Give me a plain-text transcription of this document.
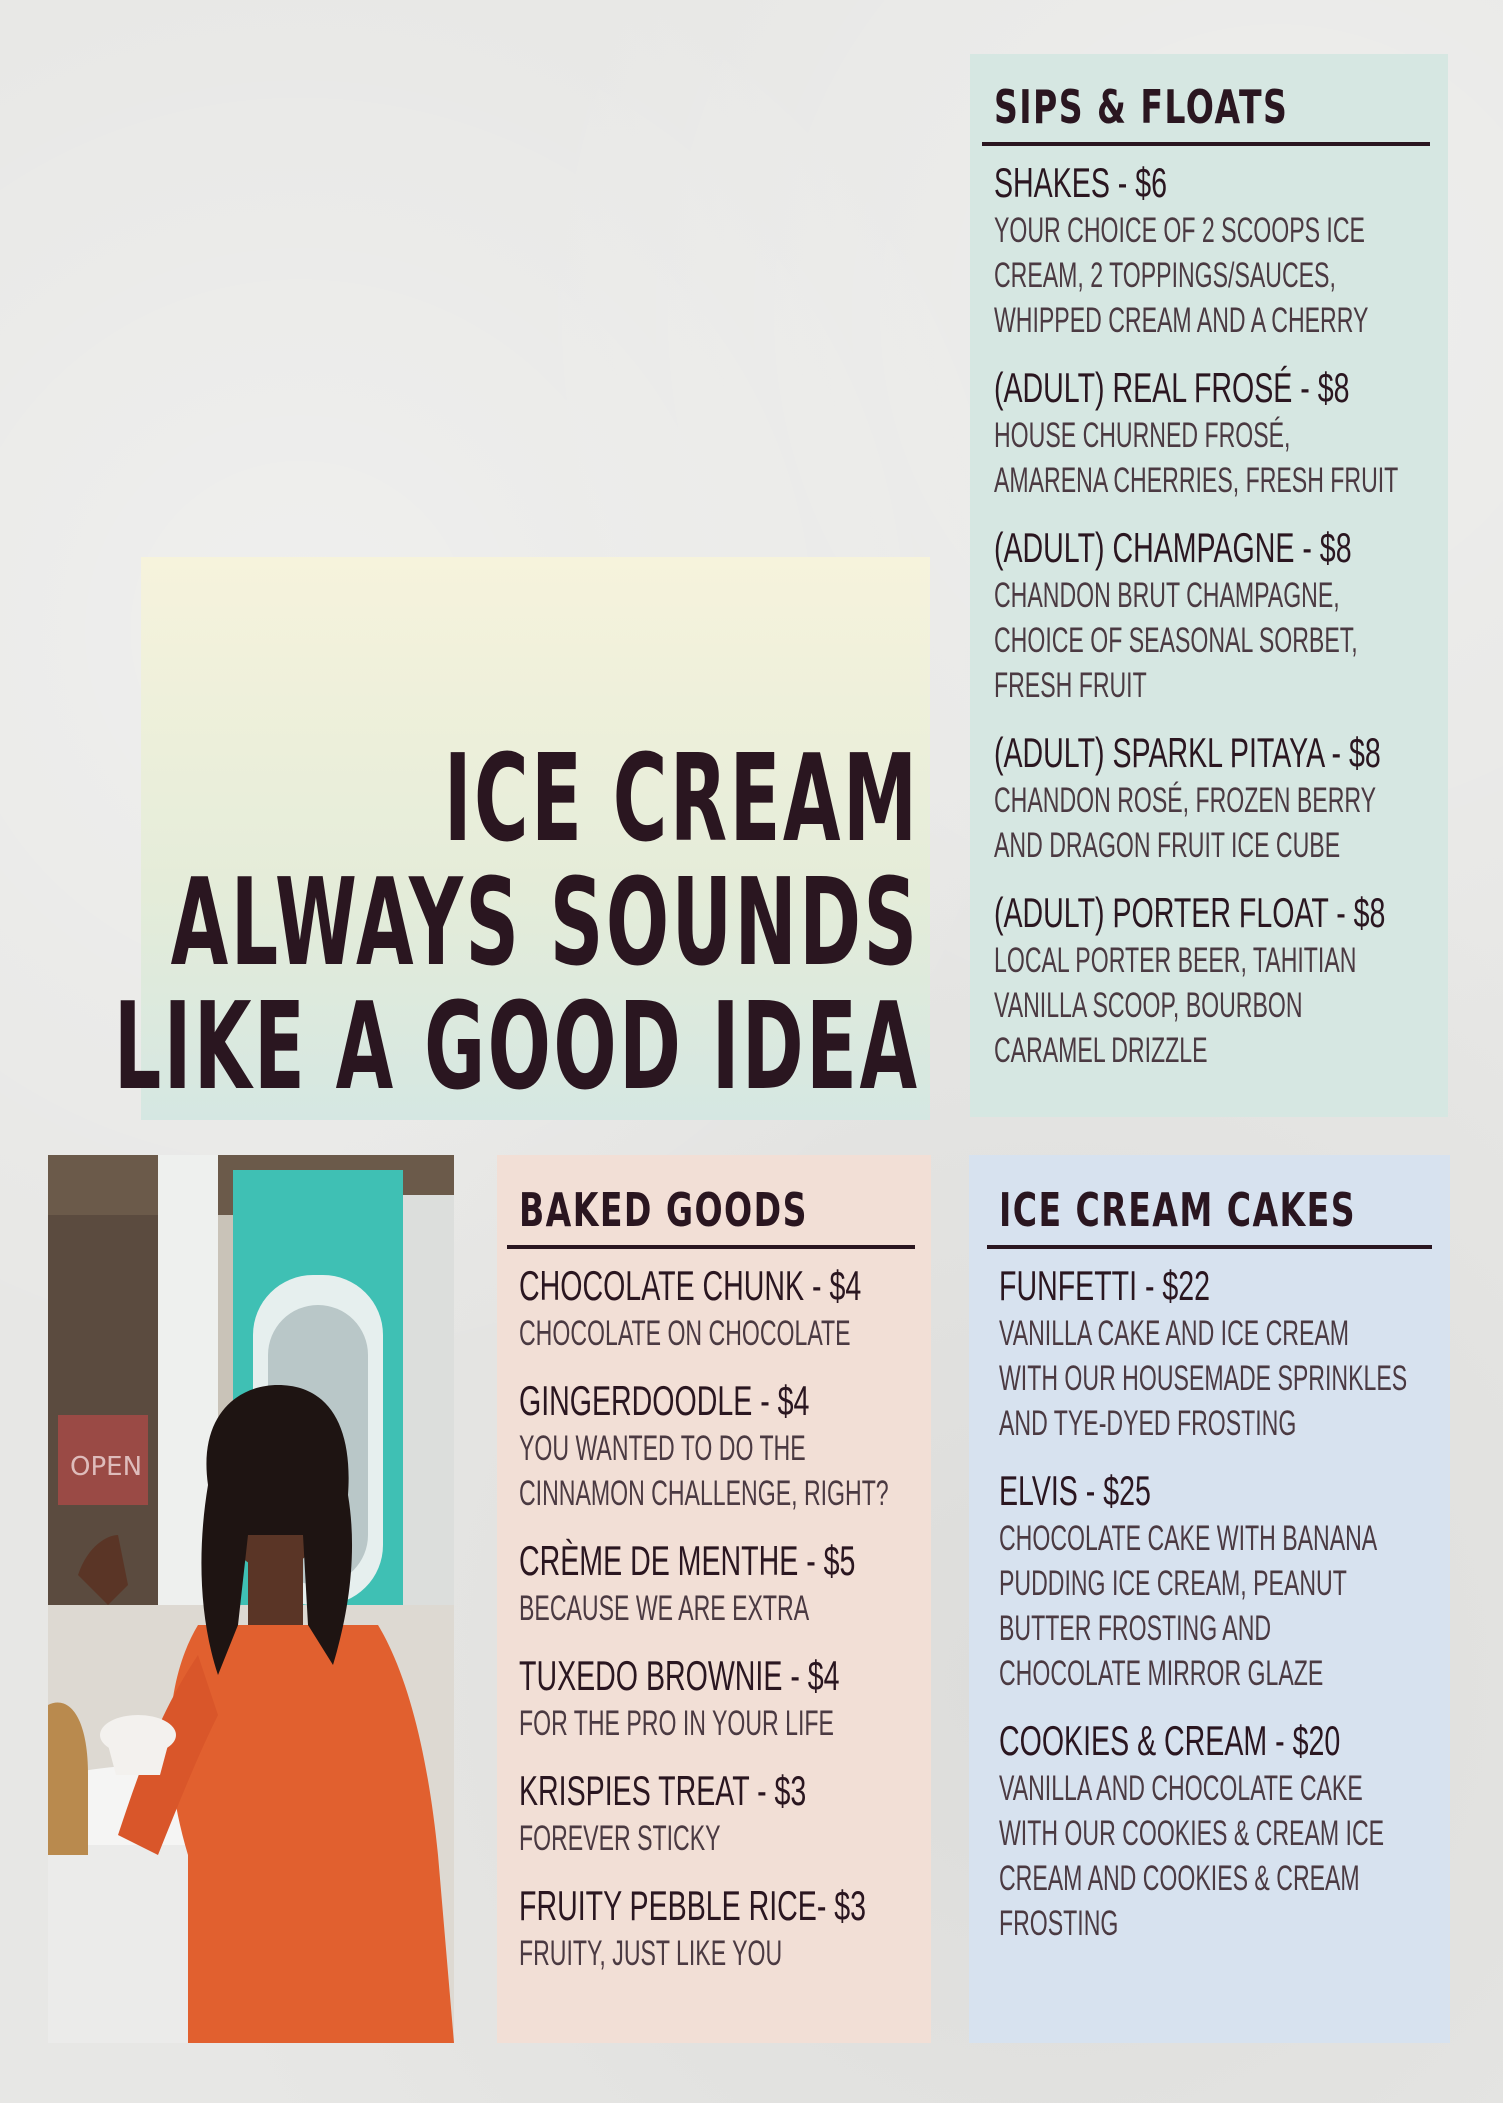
ICE CREAM
ALWAYS SOUNDS
LIKE A GOOD IDEA
SIPS & FLOATS
SHAKES - $6
YOUR CHOICE OF 2 SCOOPS ICE
CREAM, 2 TOPPINGS/SAUCES,
WHIPPED CREAM AND A CHERRY
(ADULT) REAL FROSÉ - $8
HOUSE CHURNED FROSÉ,
AMARENA CHERRIES, FRESH FRUIT
(ADULT) CHAMPAGNE - $8
CHANDON BRUT CHAMPAGNE,
CHOICE OF SEASONAL SORBET,
FRESH FRUIT
(ADULT) SPARKL PITAYA - $8
CHANDON ROSÉ, FROZEN BERRY
AND DRAGON FRUIT ICE CUBE
(ADULT) PORTER FLOAT - $8
LOCAL PORTER BEER, TAHITIAN
VANILLA SCOOP, BOURBON
CARAMEL DRIZZLE
OPEN
BAKED GOODS
CHOCOLATE CHUNK - $4
CHOCOLATE ON CHOCOLATE
GINGERDOODLE - $4
YOU WANTED TO DO THE
CINNAMON CHALLENGE, RIGHT?
CRÈME DE MENTHE - $5
BECAUSE WE ARE EXTRA
TUXEDO BROWNIE - $4
FOR THE PRO IN YOUR LIFE
KRISPIES TREAT - $3
FOREVER STICKY
FRUITY PEBBLE RICE- $3
FRUITY, JUST LIKE YOU
ICE CREAM CAKES
FUNFETTI - $22
VANILLA CAKE AND ICE CREAM
WITH OUR HOUSEMADE SPRINKLES
AND TYE-DYED FROSTING
ELVIS - $25
CHOCOLATE CAKE WITH BANANA
PUDDING ICE CREAM, PEANUT
BUTTER FROSTING AND
CHOCOLATE MIRROR GLAZE
COOKIES & CREAM - $20
VANILLA AND CHOCOLATE CAKE
WITH OUR COOKIES & CREAM ICE
CREAM AND COOKIES & CREAM
FROSTING
